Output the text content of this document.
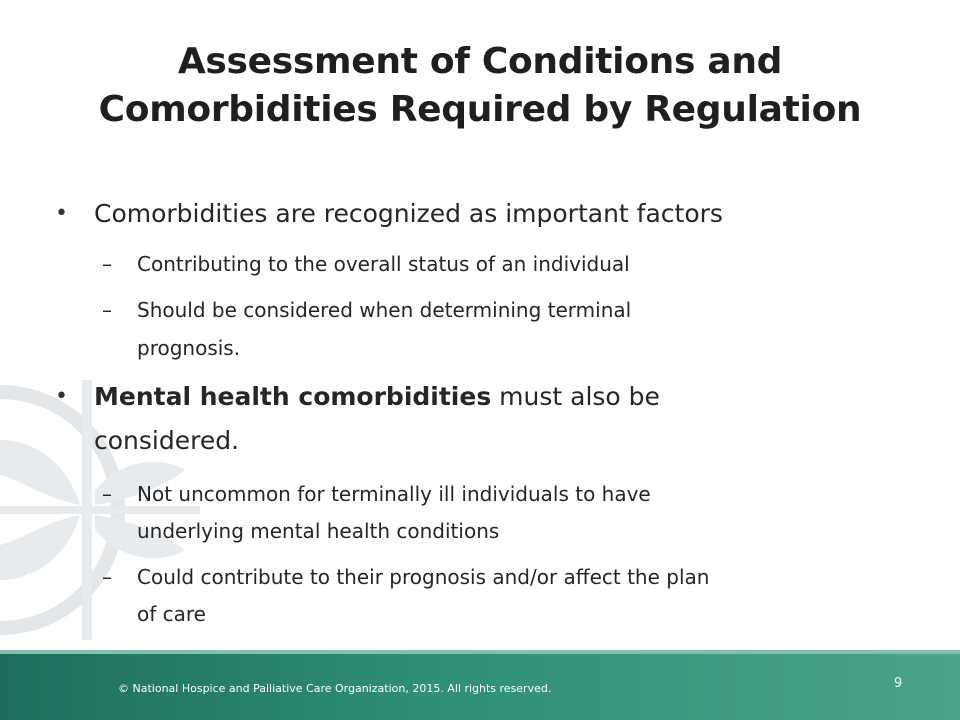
Assessment of Conditions and
Comorbidities Required by Regulation
• Comorbidities are recognized as important factors
– Contributing to the overall status of an individual
– Should be considered when determining terminal
prognosis.
• Mental health comorbidities must also be
considered.
– Not uncommon for terminally ill individuals to have
underlying mental health conditions
– Could contribute to their prognosis and/or affect the plan
of care
© National Hospice and Palliative Care Organization, 2015. All rights reserved.	9
